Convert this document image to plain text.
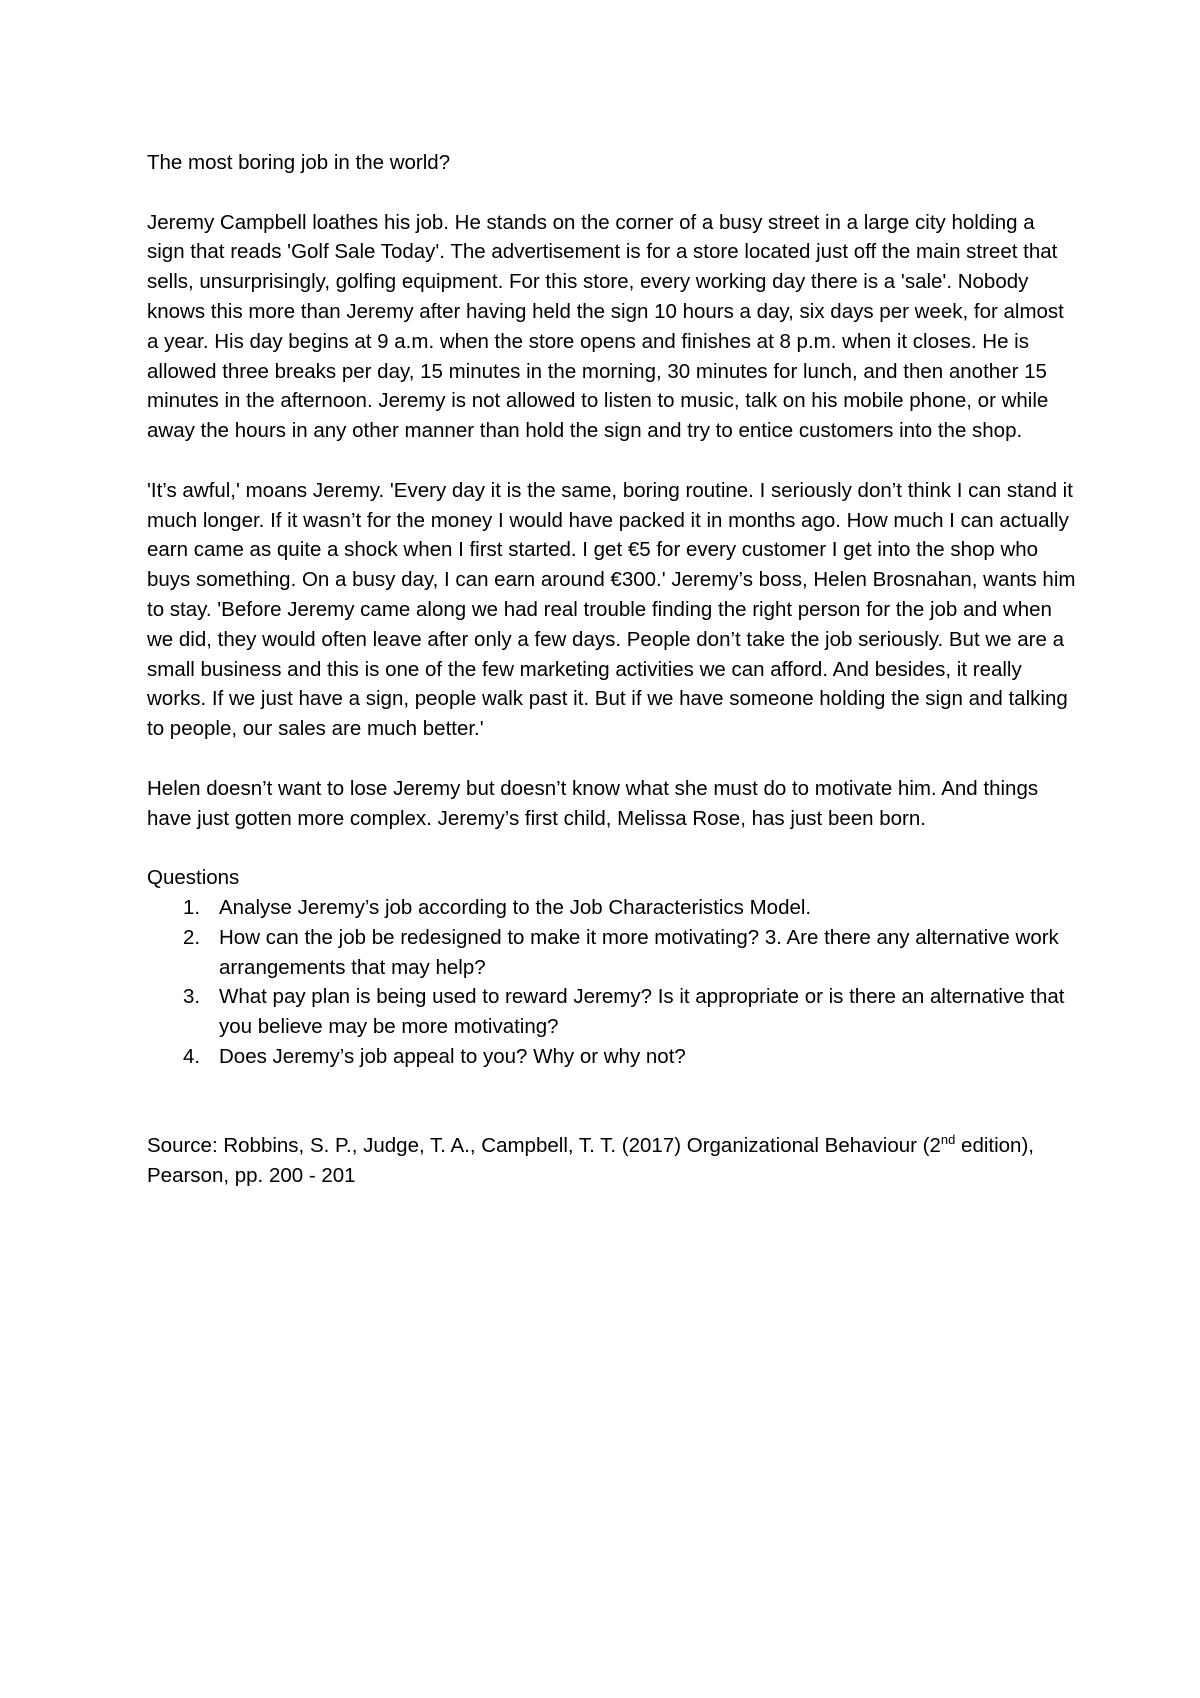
The most boring job in the world?

Jeremy Campbell loathes his job. He stands on the corner of a busy street in a large city holding a sign that reads 'Golf Sale Today'. The advertisement is for a store located just off the main street that sells, unsurprisingly, golfing equipment. For this store, every working day there is a 'sale'. Nobody knows this more than Jeremy after having held the sign 10 hours a day, six days per week, for almost a year. His day begins at 9 a.m. when the store opens and finishes at 8 p.m. when it closes. He is allowed three breaks per day, 15 minutes in the morning, 30 minutes for lunch, and then another 15 minutes in the afternoon. Jeremy is not allowed to listen to music, talk on his mobile phone, or while away the hours in any other manner than hold the sign and try to entice customers into the shop.

'It’s awful,' moans Jeremy. 'Every day it is the same, boring routine. I seriously don’t think I can stand it much longer. If it wasn’t for the money I would have packed it in months ago. How much I can actually earn came as quite a shock when I first started. I get €5 for every customer I get into the shop who buys something. On a busy day, I can earn around €300.' Jeremy’s boss, Helen Brosnahan, wants him to stay. 'Before Jeremy came along we had real trouble finding the right person for the job and when we did, they would often leave after only a few days. People don’t take the job seriously. But we are a small business and this is one of the few marketing activities we can afford. And besides, it really works. If we just have a sign, people walk past it. But if we have someone holding the sign and talking to people, our sales are much better.'

Helen doesn’t want to lose Jeremy but doesn’t know what she must do to motivate him. And things have just gotten more complex. Jeremy’s first child, Melissa Rose, has just been born.

Questions

1. Analyse Jeremy’s job according to the Job Characteristics Model.
2. How can the job be redesigned to make it more motivating? 3. Are there any alternative work arrangements that may help?
3. What pay plan is being used to reward Jeremy? Is it appropriate or is there an alternative that you believe may be more motivating?
4. Does Jeremy’s job appeal to you? Why or why not?

Source: Robbins, S. P., Judge, T. A., Campbell, T. T. (2017) Organizational Behaviour (2nd edition), Pearson, pp. 200 - 201
